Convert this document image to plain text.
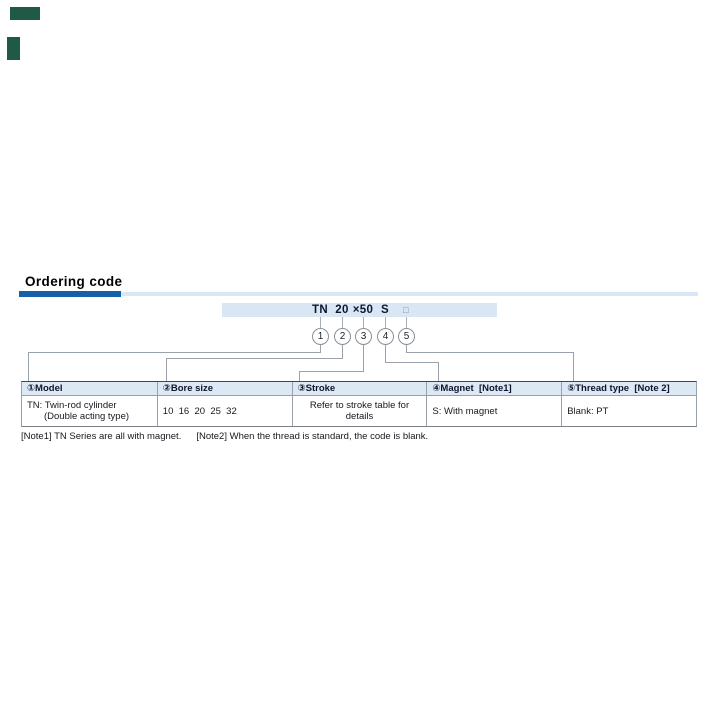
Ordering code
TN 20 ×50 S □
1	2	3	4	5
①Model	②Bore size	③Stroke	④Magnet  [Note1]	⑤Thread type  [Note 2]
TN: Twin-rod cylinder
(Double acting type)	10  16  20  25  32	Refer to stroke table for details	S: With magnet	Blank: PT
[Note1] TN Series are all with magnet. [Note2] When the thread is standard, the code is blank.
